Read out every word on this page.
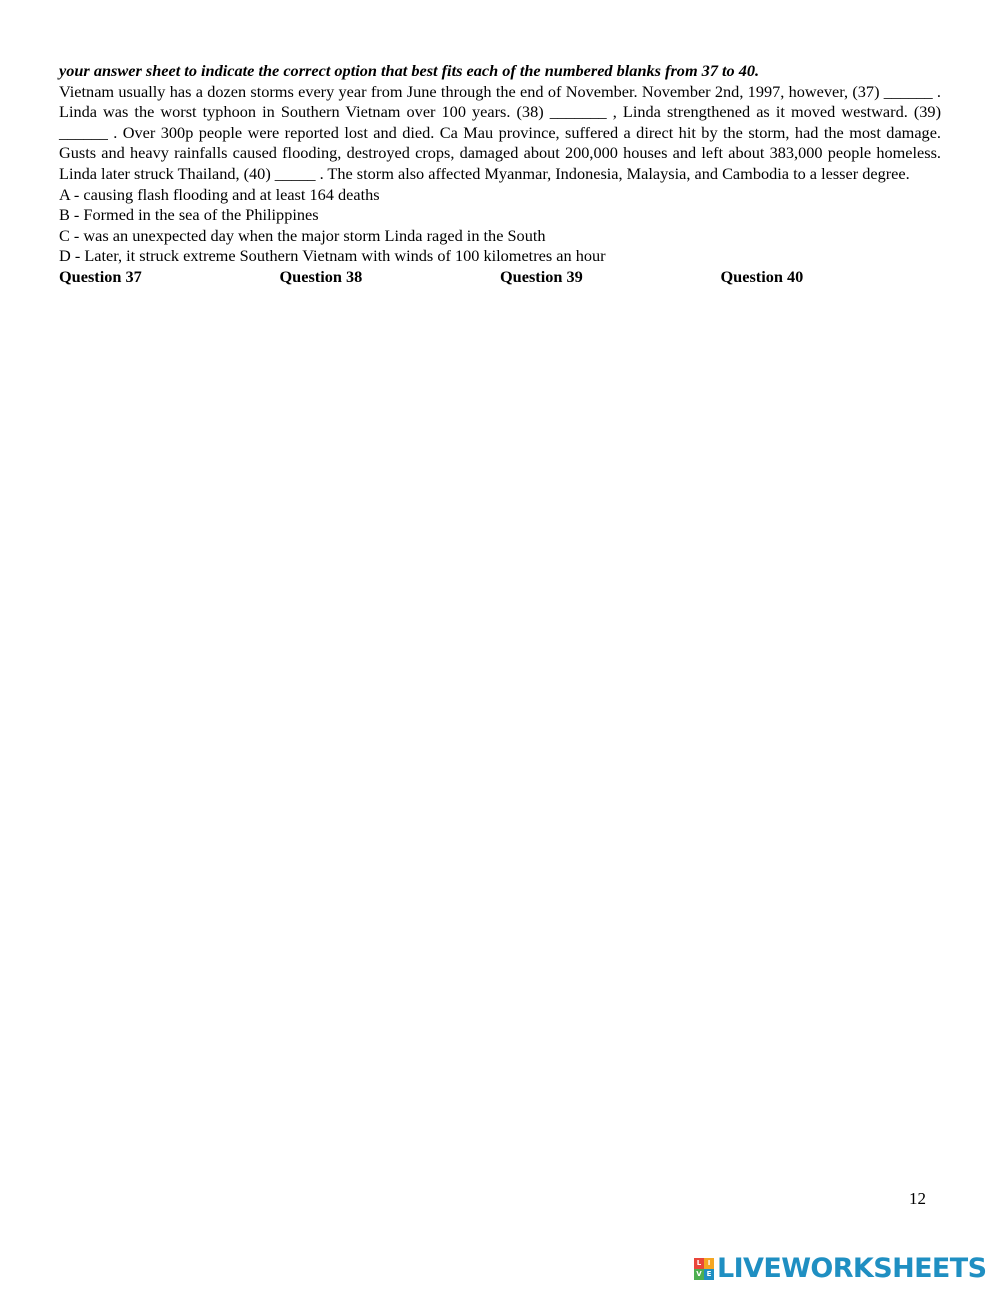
your answer sheet to indicate the correct option that best fits each of the numbered blanks from 37 to 40.

Vietnam usually has a dozen storms every year from June through the end of November. November 2nd, 1997, however, (37) ______ . Linda was the worst typhoon in Southern Vietnam over 100 years. (38) _______ , Linda strengthened as it moved westward. (39) ______ . Over 300p people were reported lost and died. Ca Mau province, suffered a direct hit by the storm, had the most damage. Gusts and heavy rainfalls caused flooding, destroyed crops, damaged about 200,000 houses and left about 383,000 people homeless. Linda later struck Thailand, (40) _____ . The storm also affected Myanmar, Indonesia, Malaysia, and Cambodia to a lesser degree.

A - causing flash flooding and at least 164 deaths
B - Formed in the sea of the Philippines
C - was an unexpected day when the major storm Linda raged in the South
D - Later, it struck extreme Southern Vietnam with winds of 100 kilometres an hour
Question 37	Question 38	Question 39	Question 40
12
L I
V E LIVEWORKSHEETS
